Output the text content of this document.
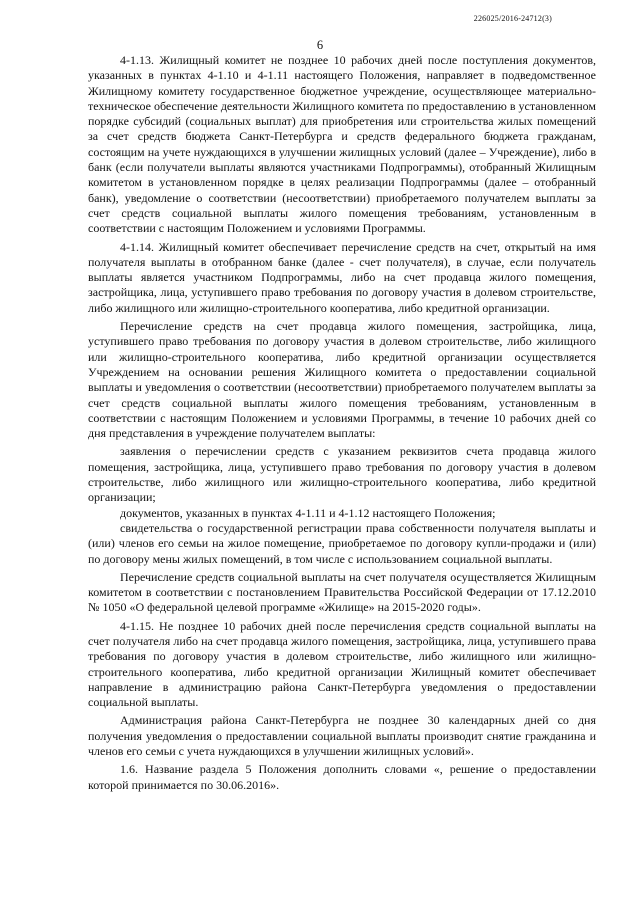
226025/2016-24712(3)
6

4-1.13. Жилищный комитет не позднее 10 рабочих дней после поступления документов, указанных в пунктах 4-1.10 и 4-1.11 настоящего Положения, направляет в подведомственное Жилищному комитету государственное бюджетное учреждение, осуществляющее материально-техническое обеспечение деятельности Жилищного комитета по предоставлению в установленном порядке субсидий (социальных выплат) для приобретения или строительства жилых помещений за счет средств бюджета Санкт-Петербурга и средств федерального бюджета гражданам, состоящим на учете нуждающихся в улучшении жилищных условий (далее – Учреждение), либо в банк (если получатели выплаты являются участниками Подпрограммы), отобранный Жилищным комитетом в установленном порядке в целях реализации Подпрограммы (далее – отобранный банк), уведомление о соответствии (несоответствии) приобретаемого получателем выплаты за счет средств социальной выплаты жилого помещения требованиям, установленным в соответствии с настоящим Положением и условиями Программы.

4-1.14. Жилищный комитет обеспечивает перечисление средств на счет, открытый на имя получателя выплаты в отобранном банке (далее - счет получателя), в случае, если получатель выплаты является участником Подпрограммы, либо на счет продавца жилого помещения, застройщика, лица, уступившего право требования по договору участия в долевом строительстве, либо жилищного или жилищно-строительного кооператива, либо кредитной организации.

Перечисление средств на счет продавца жилого помещения, застройщика, лица, уступившего право требования по договору участия в долевом строительстве, либо жилищного или жилищно-строительного кооператива, либо кредитной организации осуществляется Учреждением на основании решения Жилищного комитета о предоставлении социальной выплаты и уведомления о соответствии (несоответствии) приобретаемого получателем выплаты за счет средств социальной выплаты жилого помещения требованиям, установленным в соответствии с настоящим Положением и условиями Программы, в течение 10 рабочих дней со дня представления в учреждение получателем выплаты:

заявления о перечислении средств с указанием реквизитов счета продавца жилого помещения, застройщика, лица, уступившего право требования по договору участия в долевом строительстве, либо жилищного или жилищно-строительного кооператива, либо кредитной организации;

документов, указанных в пунктах 4-1.11 и 4-1.12 настоящего Положения;

свидетельства о государственной регистрации права собственности получателя выплаты и (или) членов его семьи на жилое помещение, приобретаемое по договору купли-продажи и (или) по договору мены жилых помещений, в том числе с использованием социальной выплаты.

Перечисление средств социальной выплаты на счет получателя осуществляется Жилищным комитетом в соответствии с постановлением Правительства Российской Федерации от 17.12.2010 № 1050 «О федеральной целевой программе «Жилище» на 2015-2020 годы».

4-1.15. Не позднее 10 рабочих дней после перечисления средств социальной выплаты на счет получателя либо на счет продавца жилого помещения, застройщика, лица, уступившего права требования по договору участия в долевом строительстве, либо жилищного или жилищно-строительного кооператива, либо кредитной организации Жилищный комитет обеспечивает направление в администрацию района Санкт-Петербурга уведомления о предоставлении социальной выплаты.

Администрация района Санкт-Петербурга не позднее 30 календарных дней со дня получения уведомления о предоставлении социальной выплаты производит снятие гражданина и членов его семьи с учета нуждающихся в улучшении жилищных условий».

1.6. Название раздела 5 Положения дополнить словами «, решение о предоставлении которой принимается по 30.06.2016».
